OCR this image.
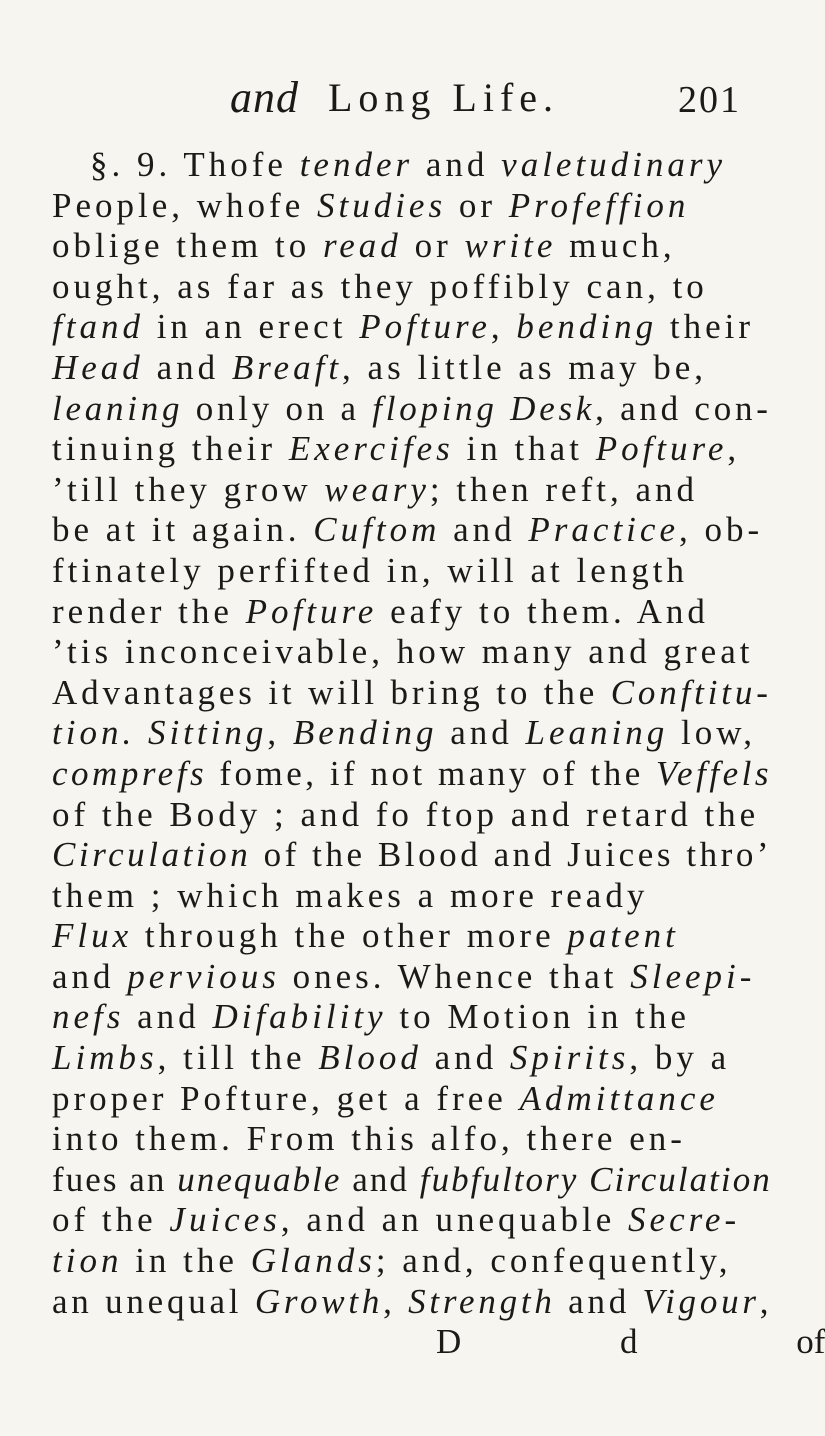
and Long Life.	201
§. 9. Thofe tender and valetudinary
People, whofe Studies or Profeffion
oblige them to read or write much,
ought, as far as they poffibly can, to
ftand in an erect Pofture, bending their
Head and Breaft, as little as may be,
leaning only on a floping Desk, and con-
tinuing their Exercifes in that Pofture,
’till they grow weary; then reft, and
be at it again. Cuftom and Practice, ob-
ftinately perfifted in, will at length
render the Pofture eafy to them. And
’tis inconceivable, how many and great
Advantages it will bring to the Conftitu-
tion. Sitting, Bending and Leaning low,
comprefs fome, if not many of the Veffels
of the Body ; and fo ftop and retard the
Circulation of the Blood and Juices thro’
them ; which makes a more ready
Flux through the other more patent
and pervious ones. Whence that Sleepi-
nefs and Difability to Motion in the
Limbs, till the Blood and Spirits, by a
proper Pofture, get a free Admittance
into them. From this alfo, there en-
fues an unequable and fubfultory Circulation
of the Juices, and an unequable Secre-
tion in the Glands; and, confequently,
an unequal Growth, Strength and Vigour,
D d	of
